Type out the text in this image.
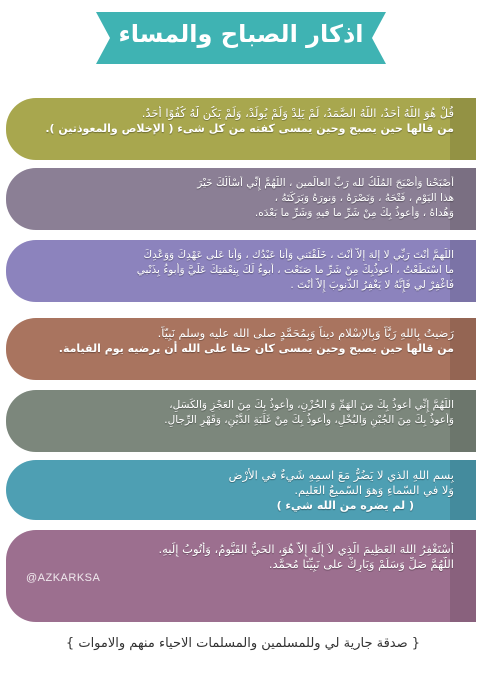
اذكار الصباح والمساء
قُلْ هُوَ اللَّهُ أَحَدٌ، اللَّهُ الصَّمَدُ، لَمْ يَلِدْ وَلَمْ يُولَدْ، وَلَمْ يَكُن لَّهُ كُفُوًا أَحَدٌ.
من قالها حين يصبح وحين يمسى كفته من كل شىء ( الإخلاص والمعوذتين ).
أَصْبَحْنا وَأَصْبَحَ المُلْكُ لله رَبِّ العالَمين ، اللَّهُمَّ إِنِّي أسْأَلُكَ خَيْرَ
هذا اليَوْم ، فَتْحَهُ ، وَنَصْرَهُ ، وَنورَهُ وَبَرَكَتَهُ ،
وَهُداهُ ، وَأَعوذُ بِكَ مِنْ شَرِّ ما فيهِ وَشَرِّ ما بَعْدَه.
اللّهمَّ أَنْتَ رَبِّي لا إلهَ إلاّ أَنْتَ ، خَلَقْتَني وَأَنا عَبْدُك ، وَأَنا عَلى عَهْدِكَ وَوَعْدِكَ
ما اسْتَطَعْتُ ، أَعوذُبِكَ مِنْ شَرِّ ما صَنَعْت ، أَبوءُ لَكَ بِنِعْمَتِكَ عَلَيَّ وَأَبوءُ بِذَنْبي
فَاغْفِرْ لي فَإِنَّهُ لا يَغْفِرُ الذُّنوبَ إِلاّ أَنْتَ .
رَضيتُ بِاللهِ رَبَّاً وَبِالإسْلامِ ديناً وَبِمُحَمَّدٍ صلى الله عليه وسلم نَبِيّاً.
من قالها حين يصبح وحين يمسى كان حقا على الله أن يرضيه يوم القيامة.
اللّهُمَّ إِنِّي أَعوذُ بِكَ مِنَ الهَمِّ وَ الحُزْنِ، وأعوذُ بِكَ مِنَ العَجْزِ وَالكَسَلِ،
وَأَعوذُ بِكَ مِنَ الجُبْنِ وَالبُخْلِ، وأَعوذُ بِكَ مِنْ غَلَبَةِ الدَّيْنِ، وَقَهْرِ الرِّجالِ.
بِسمِ اللهِ الذي لا يَضُرُّ مَعَ اسمِهِ شَيءٌ في الأرْضِ
وَلا في السّماءِ وَهوَ السّميعُ العَليم.
( لم يضره من الله شيء )
أَسْتَغْفِرُ اللهَ العَظِيمَ الَّذِي لاَ إِلَهَ إِلاَّ هُوَ، الحَيُّ القَيُّومُ، وَأَتُوبُ إِلَيهِ.
اللَّهُمَّ صَلِّ وَسَلِّمْ وَبَارِكْ على نَبِيِّنَا مُحمَّد.
@AZKARKSA
{ صدقة جارية لي وللمسلمين والمسلمات الاحياء منهم والاموات }
